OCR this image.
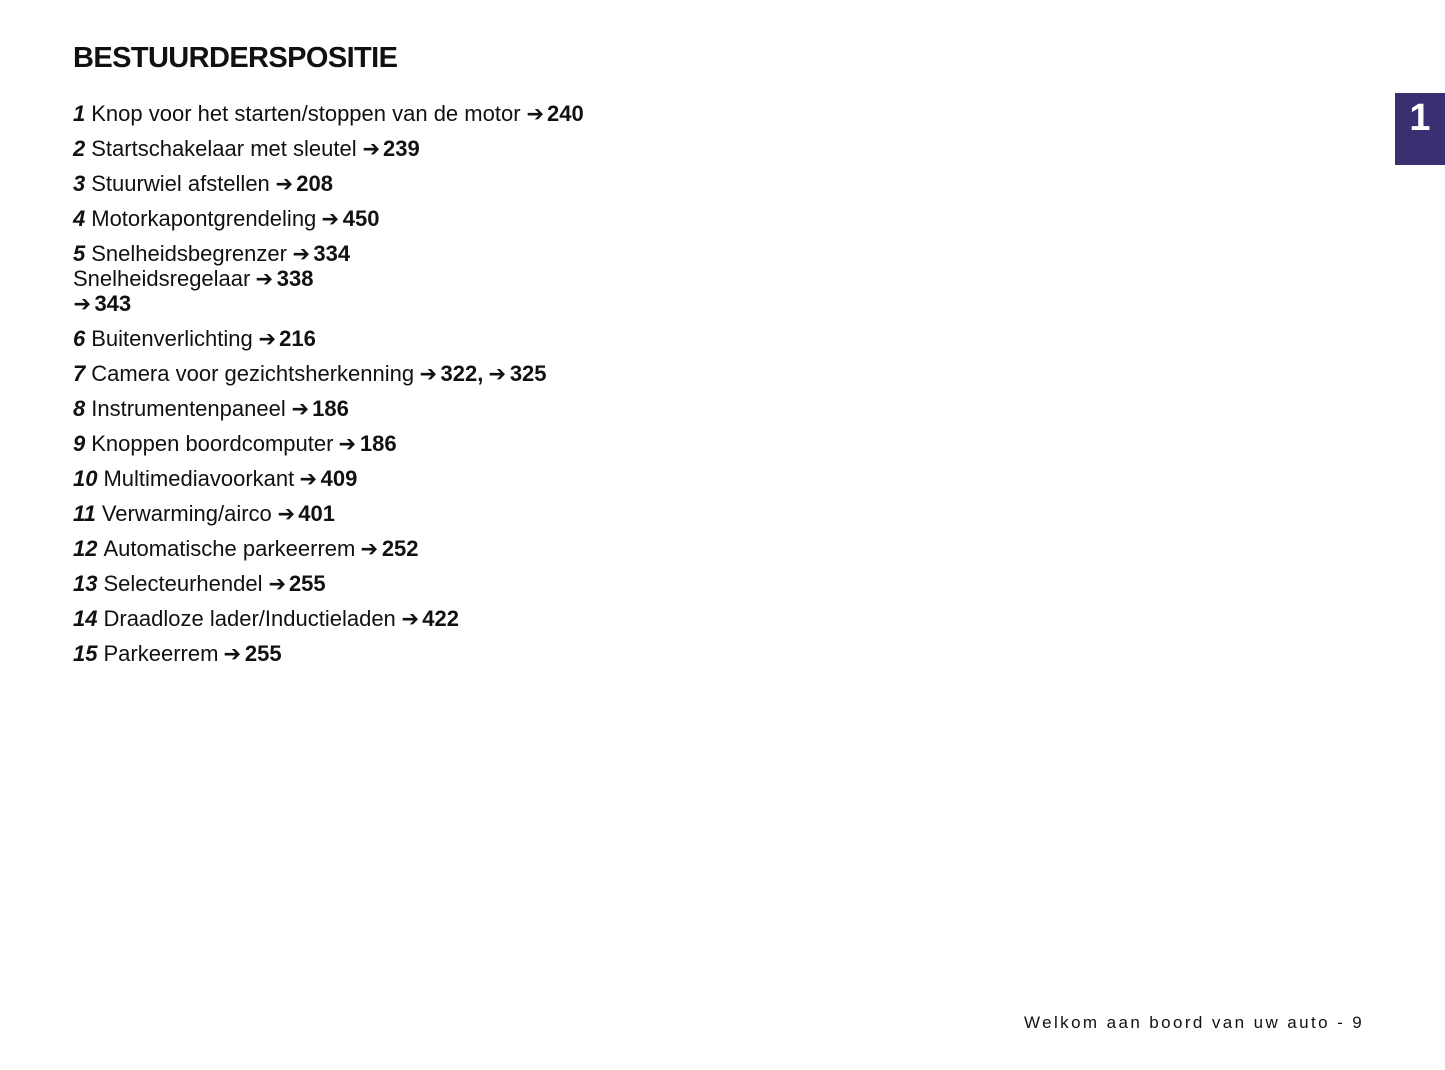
BESTUURDERSPOSITIE
1 Knop voor het starten/stoppen van de motor ➔ 240
2 Startschakelaar met sleutel ➔ 239
3 Stuurwiel afstellen ➔ 208
4 Motorkapontgrendeling ➔ 450
5 Snelheidsbegrenzer ➔ 334
Snelheidsregelaar ➔ 338
➔ 343
6 Buitenverlichting ➔ 216
7 Camera voor gezichtsherkenning ➔ 322, ➔ 325
8 Instrumentenpaneel ➔ 186
9 Knoppen boordcomputer ➔ 186
10 Multimediavoorkant ➔ 409
11 Verwarming/airco ➔ 401
12 Automatische parkeerrem ➔ 252
13 Selecteurhendel ➔ 255
14 Draadloze lader/Inductieladen ➔ 422
15 Parkeerrem ➔ 255
1
Welkom aan boord van uw auto - 9
